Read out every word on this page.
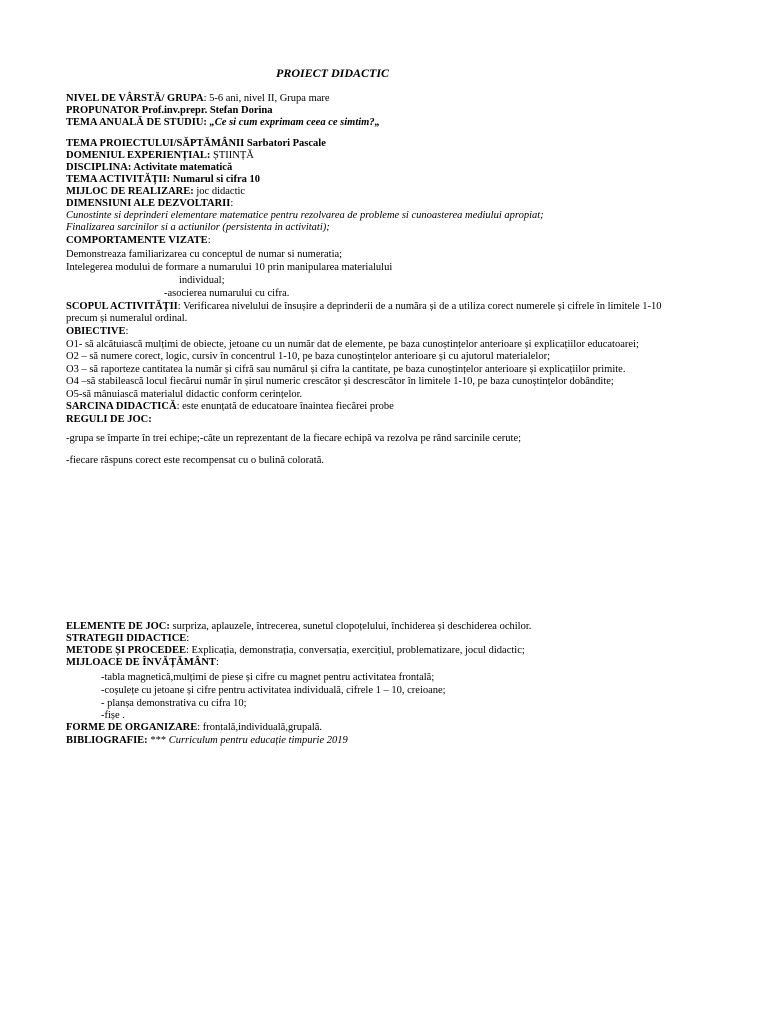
PROIECT DIDACTIC
NIVEL DE VÂRSTĂ/ GRUPA: 5-6 ani, nivel II, Grupa mare
PROPUNATOR Prof.inv.prepr. Stefan Dorina
TEMA ANUALĂ DE STUDIU: „Ce si cum exprimam ceea ce simtim?„
TEMA PROIECTULUI/SĂPTĂMÂNII Sarbatori Pascale
DOMENIUL EXPERIENȚIAL: ȘTIINȚĂ
DISCIPLINA: Activitate matematică
TEMA ACTIVITĂȚII: Numarul si cifra 10
MIJLOC DE REALIZARE: joc didactic
DIMENSIUNI ALE DEZVOLTARII:
Cunostinte si deprinderi elementare matematice pentru rezolvarea de probleme si cunoasterea mediului apropiat;
Finalizarea sarcinilor si a actiunilor (persistenta in activitati);
COMPORTAMENTE VIZATE:
Demonstreaza familiarizarea cu conceptul de numar si numeratia;
Intelegerea modului de formare a numarului 10 prin manipularea materialului
individual;
-asocierea numarului cu cifra.
SCOPUL ACTIVITĂȚII: Verificarea nivelului de însușire a deprinderii de a număra și de a utiliza corect numerele și cifrele în limitele 1-10
precum și numeralul ordinal.
OBIECTIVE:
O1- să alcătuiască mulțimi de obiecte, jetoane cu un număr dat de elemente, pe baza cunoștințelor anterioare și explicațiilor educatoarei;
O2 – să numere corect, logic, cursiv în concentrul 1-10, pe baza cunoștințelor anterioare și cu ajutorul materialelor;
O3 – să raporteze cantitatea la număr și cifră sau numărul și cifra la cantitate, pe baza cunoștințelor anterioare și explicațiilor primite.
O4 –să stabilească locul fiecărui număr în șirul numeric crescător și descrescător în limitele 1-10, pe baza cunoștințelor dobândite;
O5-să mânuiască materialul didactic conform cerințelor.
SARCINA DIDACTICĂ: este enunțată de educatoare înaintea fiecărei probe
REGULI DE JOC:
-grupa se împarte în trei echipe;-câte un reprezentant de la fiecare echipă va rezolva pe rând sarcinile cerute;
-fiecare răspuns corect este recompensat cu o bulină colorată.
ELEMENTE DE JOC: surpriza, aplauzele, întrecerea, sunetul clopoțelului, închiderea și deschiderea ochilor.
STRATEGII DIDACTICE:
METODE ȘI PROCEDEE: Explicația, demonstrația, conversația, exercițiul, problematizare, jocul didactic;
MIJLOACE DE ÎNVĂȚĂMÂNT:
-tabla magnetică,mulțimi de piese și cifre cu magnet pentru activitatea frontală;
-coșulețe cu jetoane și cifre pentru activitatea individuală, cifrele 1 – 10, creioane;
- planșa demonstrativa cu cifra 10;
-fișe .
FORME DE ORGANIZARE: frontală,individuală,grupală.
BIBLIOGRAFIE: *** Curriculum pentru educație timpurie 2019
